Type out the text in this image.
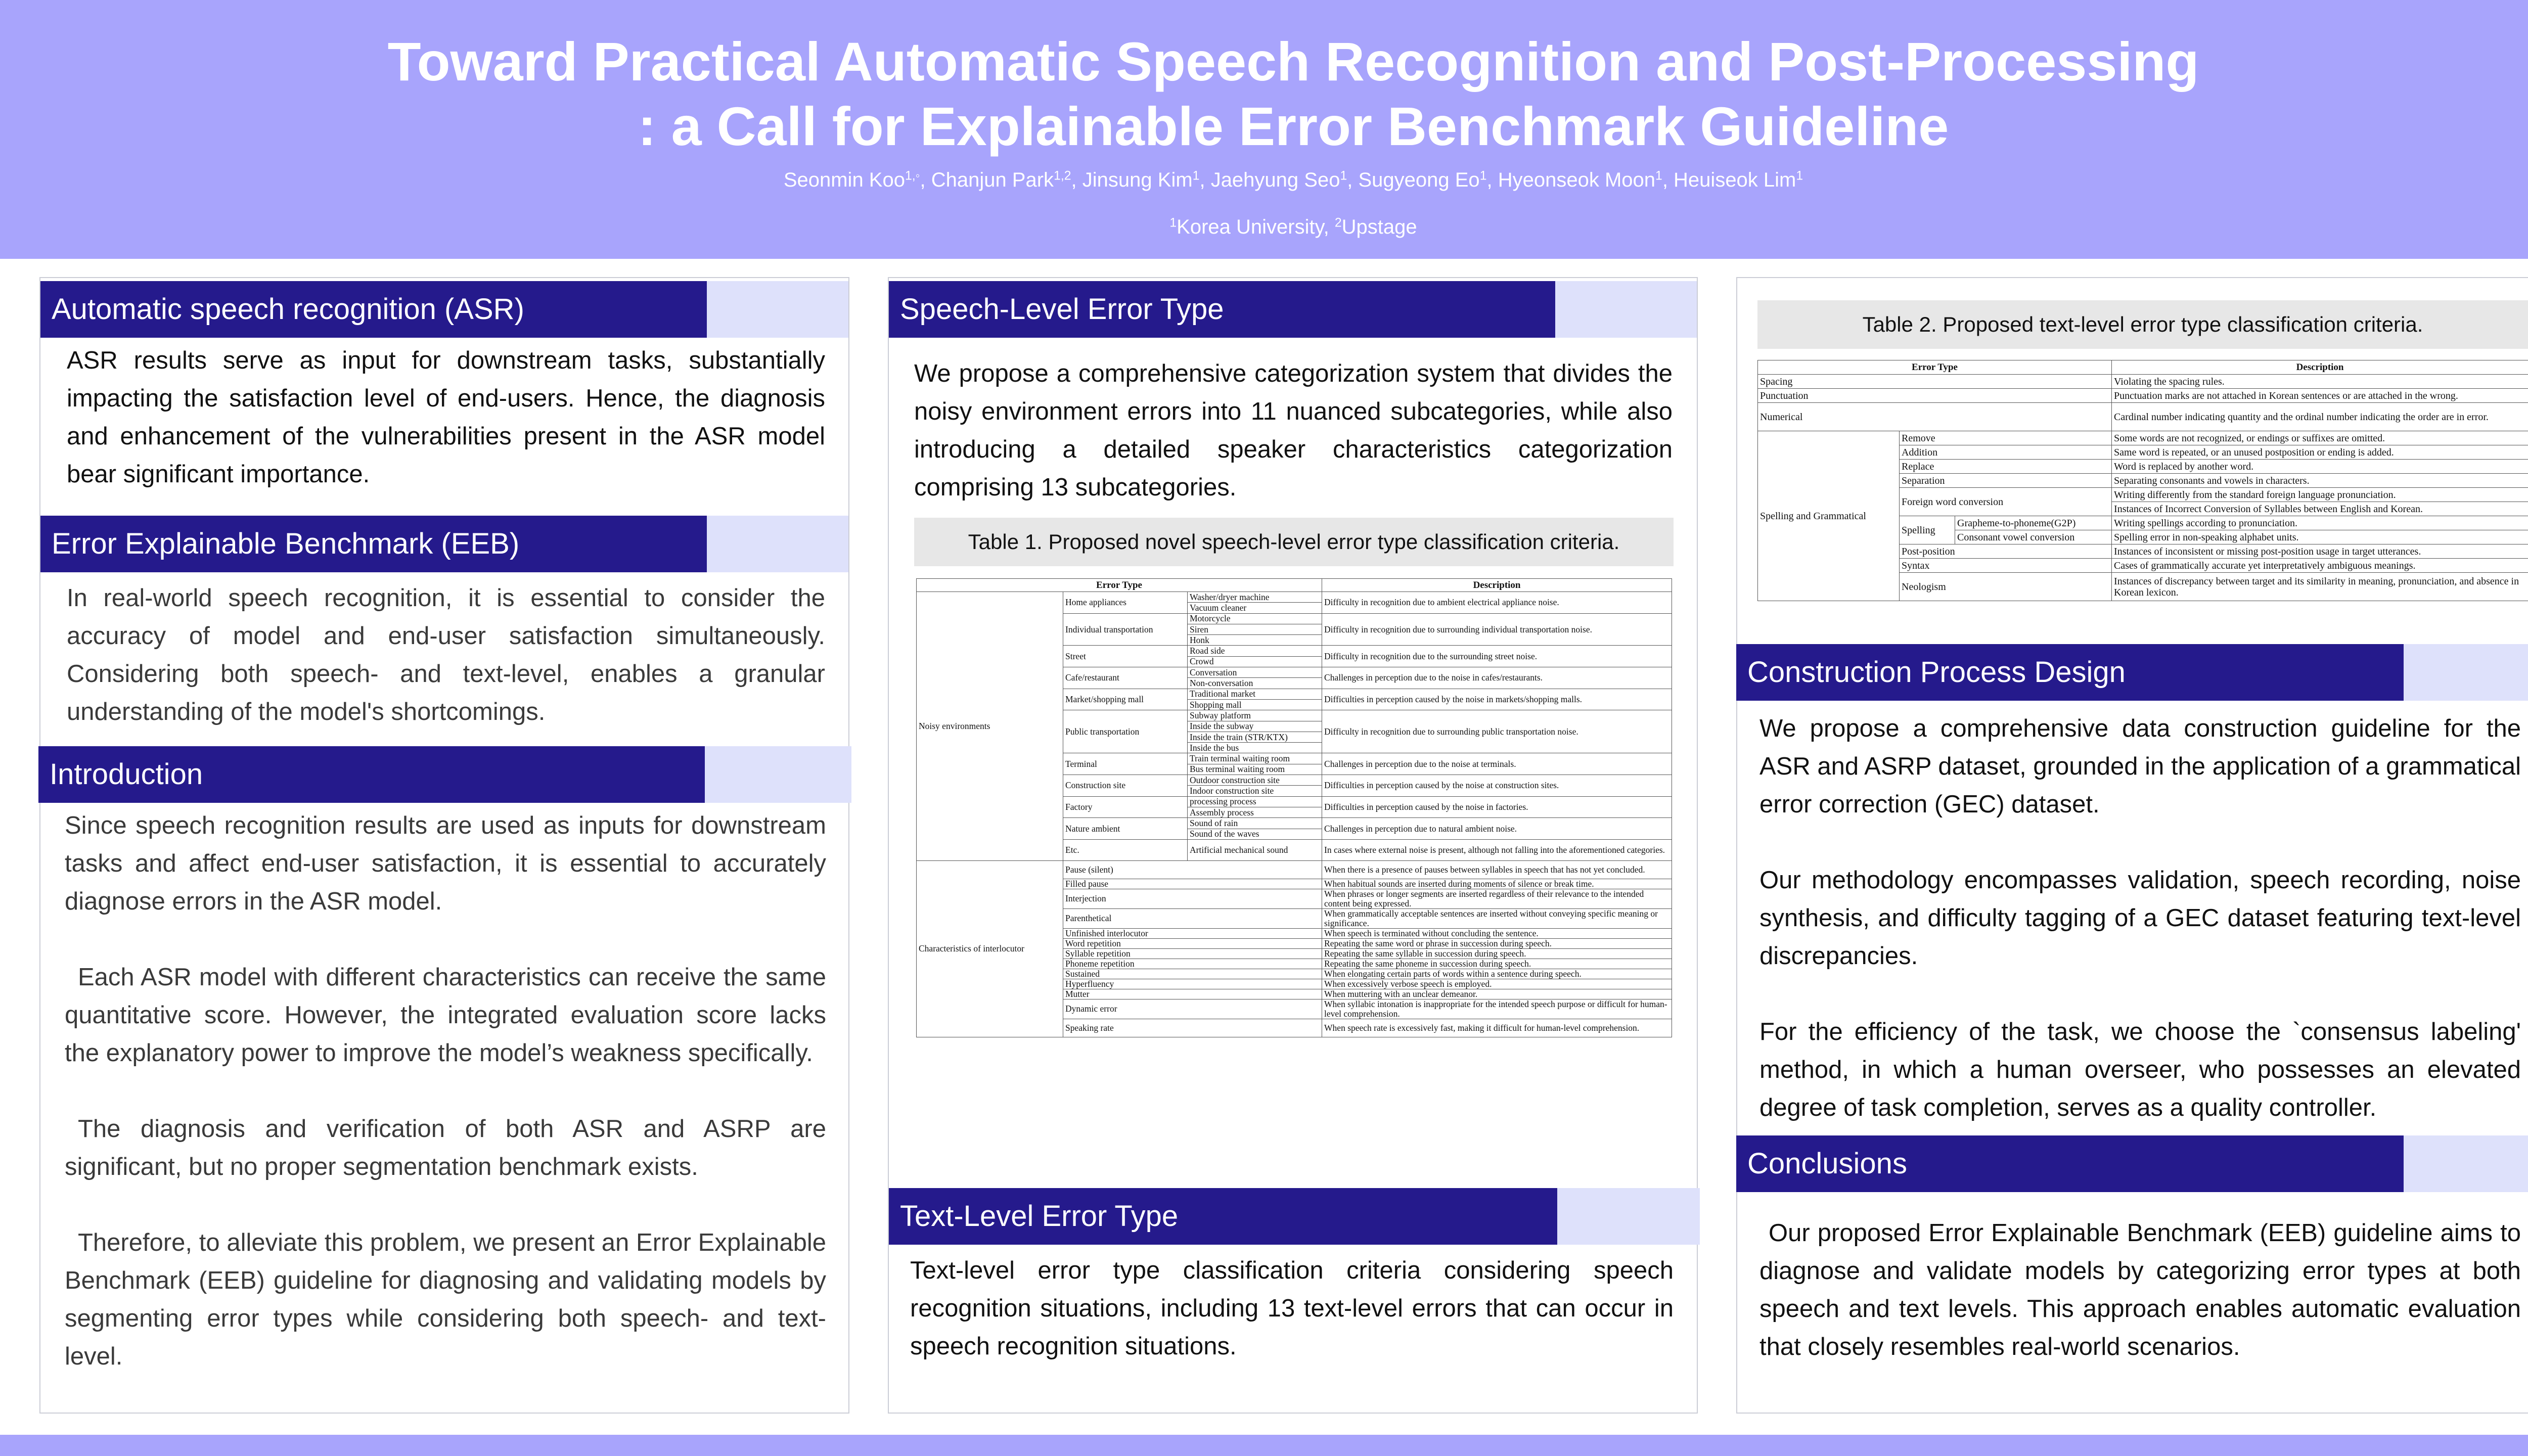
Toward Practical Automatic Speech Recognition and Post-Processing
: a Call for Explainable Error Benchmark Guideline
Seonmin Koo$^{1,◦}$, Chanjun Park$^{1,2}$, Jinsung Kim$^1$, Jaehyung Seo$^1$, Sugyeong Eo$^1$, Hyeonseok Moon$^1$, Heuiseok Lim$^1$
$^1$Korea University, $^2$Upstage
Automatic speech recognition (ASR)
ASR results serve as input for downstream tasks, substantially impacting the satisfaction level of end-users. Hence, the diagnosis and enhancement of the vulnerabilities present in the ASR model bear significant importance.
Error Explainable Benchmark (EEB)
In real-world speech recognition, it is essential to consider the accuracy of model and end-user satisfaction simultaneously. Considering both speech- and text-level, enables a granular understanding of the model's shortcomings.
Introduction

Since speech recognition results are used as inputs for downstream tasks and affect end-user satisfaction, it is essential to accurately diagnose errors in the ASR model.

Each ASR model with different characteristics can receive the same quantitative score. However, the integrated evaluation score lacks the explanatory power to improve the model’s weakness specifically.

The diagnosis and verification of both ASR and ASRP are significant, but no proper segmentation benchmark exists.

Therefore, to alleviate this problem, we present an Error Explainable Benchmark (EEB) guideline for diagnosing and validating models by segmenting error types while considering both speech- and text-level.

Speech-Level Error Type
We propose a comprehensive categorization system that divides the noisy environment errors into 11 nuanced subcategories, while also introducing a detailed speaker characteristics categorization comprising 13 subcategories.
Table 1. Proposed novel speech-level error type classification criteria.
Error Type			Description
Noisy environments	Home appliances	Washer/dryer machine	Difficulty in recognition due to ambient electrical appliance noise.
		Vacuum cleaner	
	Individual transportation	Motorcycle	Difficulty in recognition due to surrounding individual transportation noise.
		Siren	
		Honk	
	Street	Road side	Difficulty in recognition due to the surrounding street noise.
		Crowd	
	Cafe/restaurant	Conversation	Challenges in perception due to the noise in cafes/restaurants.
		Non-conversation	
	Market/shopping mall	Traditional market	Difficulties in perception caused by the noise in markets/shopping malls.
		Shopping mall	
	Public transportation	Subway platform	Difficulty in recognition due to surrounding public transportation noise.
		Inside the subway	
		Inside the train (STR/KTX)	
		Inside the bus	
	Terminal	Train terminal waiting room	Challenges in perception due to the noise at terminals.
		Bus terminal waiting room	
	Construction site	Outdoor construction site	Difficulties in perception caused by the noise at construction sites.
		Indoor construction site	
	Factory	processing process	Difficulties in perception caused by the noise in factories.
		Assembly process	
	Nature ambient	Sound of rain	Challenges in perception due to natural ambient noise.
		Sound of the waves	
	Etc.	Artificial mechanical sound	In cases where external noise is present, although not falling into the aforementioned categories.
Characteristics of interlocutor	Pause (silent)		When there is a presence of pauses between syllables in speech that has not yet concluded.
	Filled pause		When habitual sounds are inserted during moments of silence or break time.
	Interjection		When phrases or longer segments are inserted regardless of their relevance to the intended content being expressed.
	Parenthetical		When grammatically acceptable sentences are inserted without conveying specific meaning or significance.
	Unfinished interlocutor		When speech is terminated without concluding the sentence.
	Word repetition		Repeating the same word or phrase in succession during speech.
	Syllable repetition		Repeating the same syllable in succession during speech.
	Phoneme repetition		Repeating the same phoneme in succession during speech.
	Sustained		When elongating certain parts of words within a sentence during speech.
	Hyperfluency		When excessively verbose speech is employed.
	Mutter		When muttering with an unclear demeanor.
	Dynamic error		When syllabic intonation is inappropriate for the intended speech purpose or difficult for human-level comprehension.
	Speaking rate		When speech rate is excessively fast, making it difficult for human-level comprehension.
Text-Level Error Type
Text-level error type classification criteria considering speech recognition situations, including 13 text-level errors that can occur in speech recognition situations.
Table 2. Proposed text-level error type classification criteria.
Error Type			Description
Spacing			Violating the spacing rules.
Punctuation			Punctuation marks are not attached in Korean sentences or are attached in the wrong.
Numerical			Cardinal number indicating quantity and the ordinal number indicating the order are in error.
Spelling and Grammatical	Remove		Some words are not recognized, or endings or suffixes are omitted.
	Addition		Same word is repeated, or an unused postposition or ending is added.
	Replace		Word is replaced by another word.
	Separation		Separating consonants and vowels in characters.
	Foreign word conversion		Writing differently from the standard foreign language pronunciation.
			Instances of Incorrect Conversion of Syllables between English and Korean.
	Spelling	Grapheme-to-phoneme(G2P)	Writing spellings according to pronunciation.
		Consonant vowel conversion	Spelling error in non-speaking alphabet units.
	Post-position		Instances of inconsistent or missing post-position usage in target utterances.
	Syntax		Cases of grammatically accurate yet interpretatively ambiguous meanings.
	Neologism		Instances of discrepancy between target and its similarity in meaning, pronunciation, and absence in Korean lexicon.
Construction Process Design

We propose a comprehensive data construction guideline for the ASR and ASRP dataset, grounded in the application of a grammatical error correction (GEC) dataset.

Our methodology encompasses validation, speech recording, noise synthesis, and difficulty tagging of a GEC dataset featuring text-level discrepancies.

For the efficiency of the task, we choose the `consensus labeling' method, in which a human overseer, who possesses an elevated degree of task completion, serves as a quality controller.

Conclusions
Our proposed Error Explainable Benchmark (EEB) guideline aims to diagnose and validate models by categorizing error types at both speech and text levels. This approach enables automatic evaluation that closely resembles real-world scenarios.
